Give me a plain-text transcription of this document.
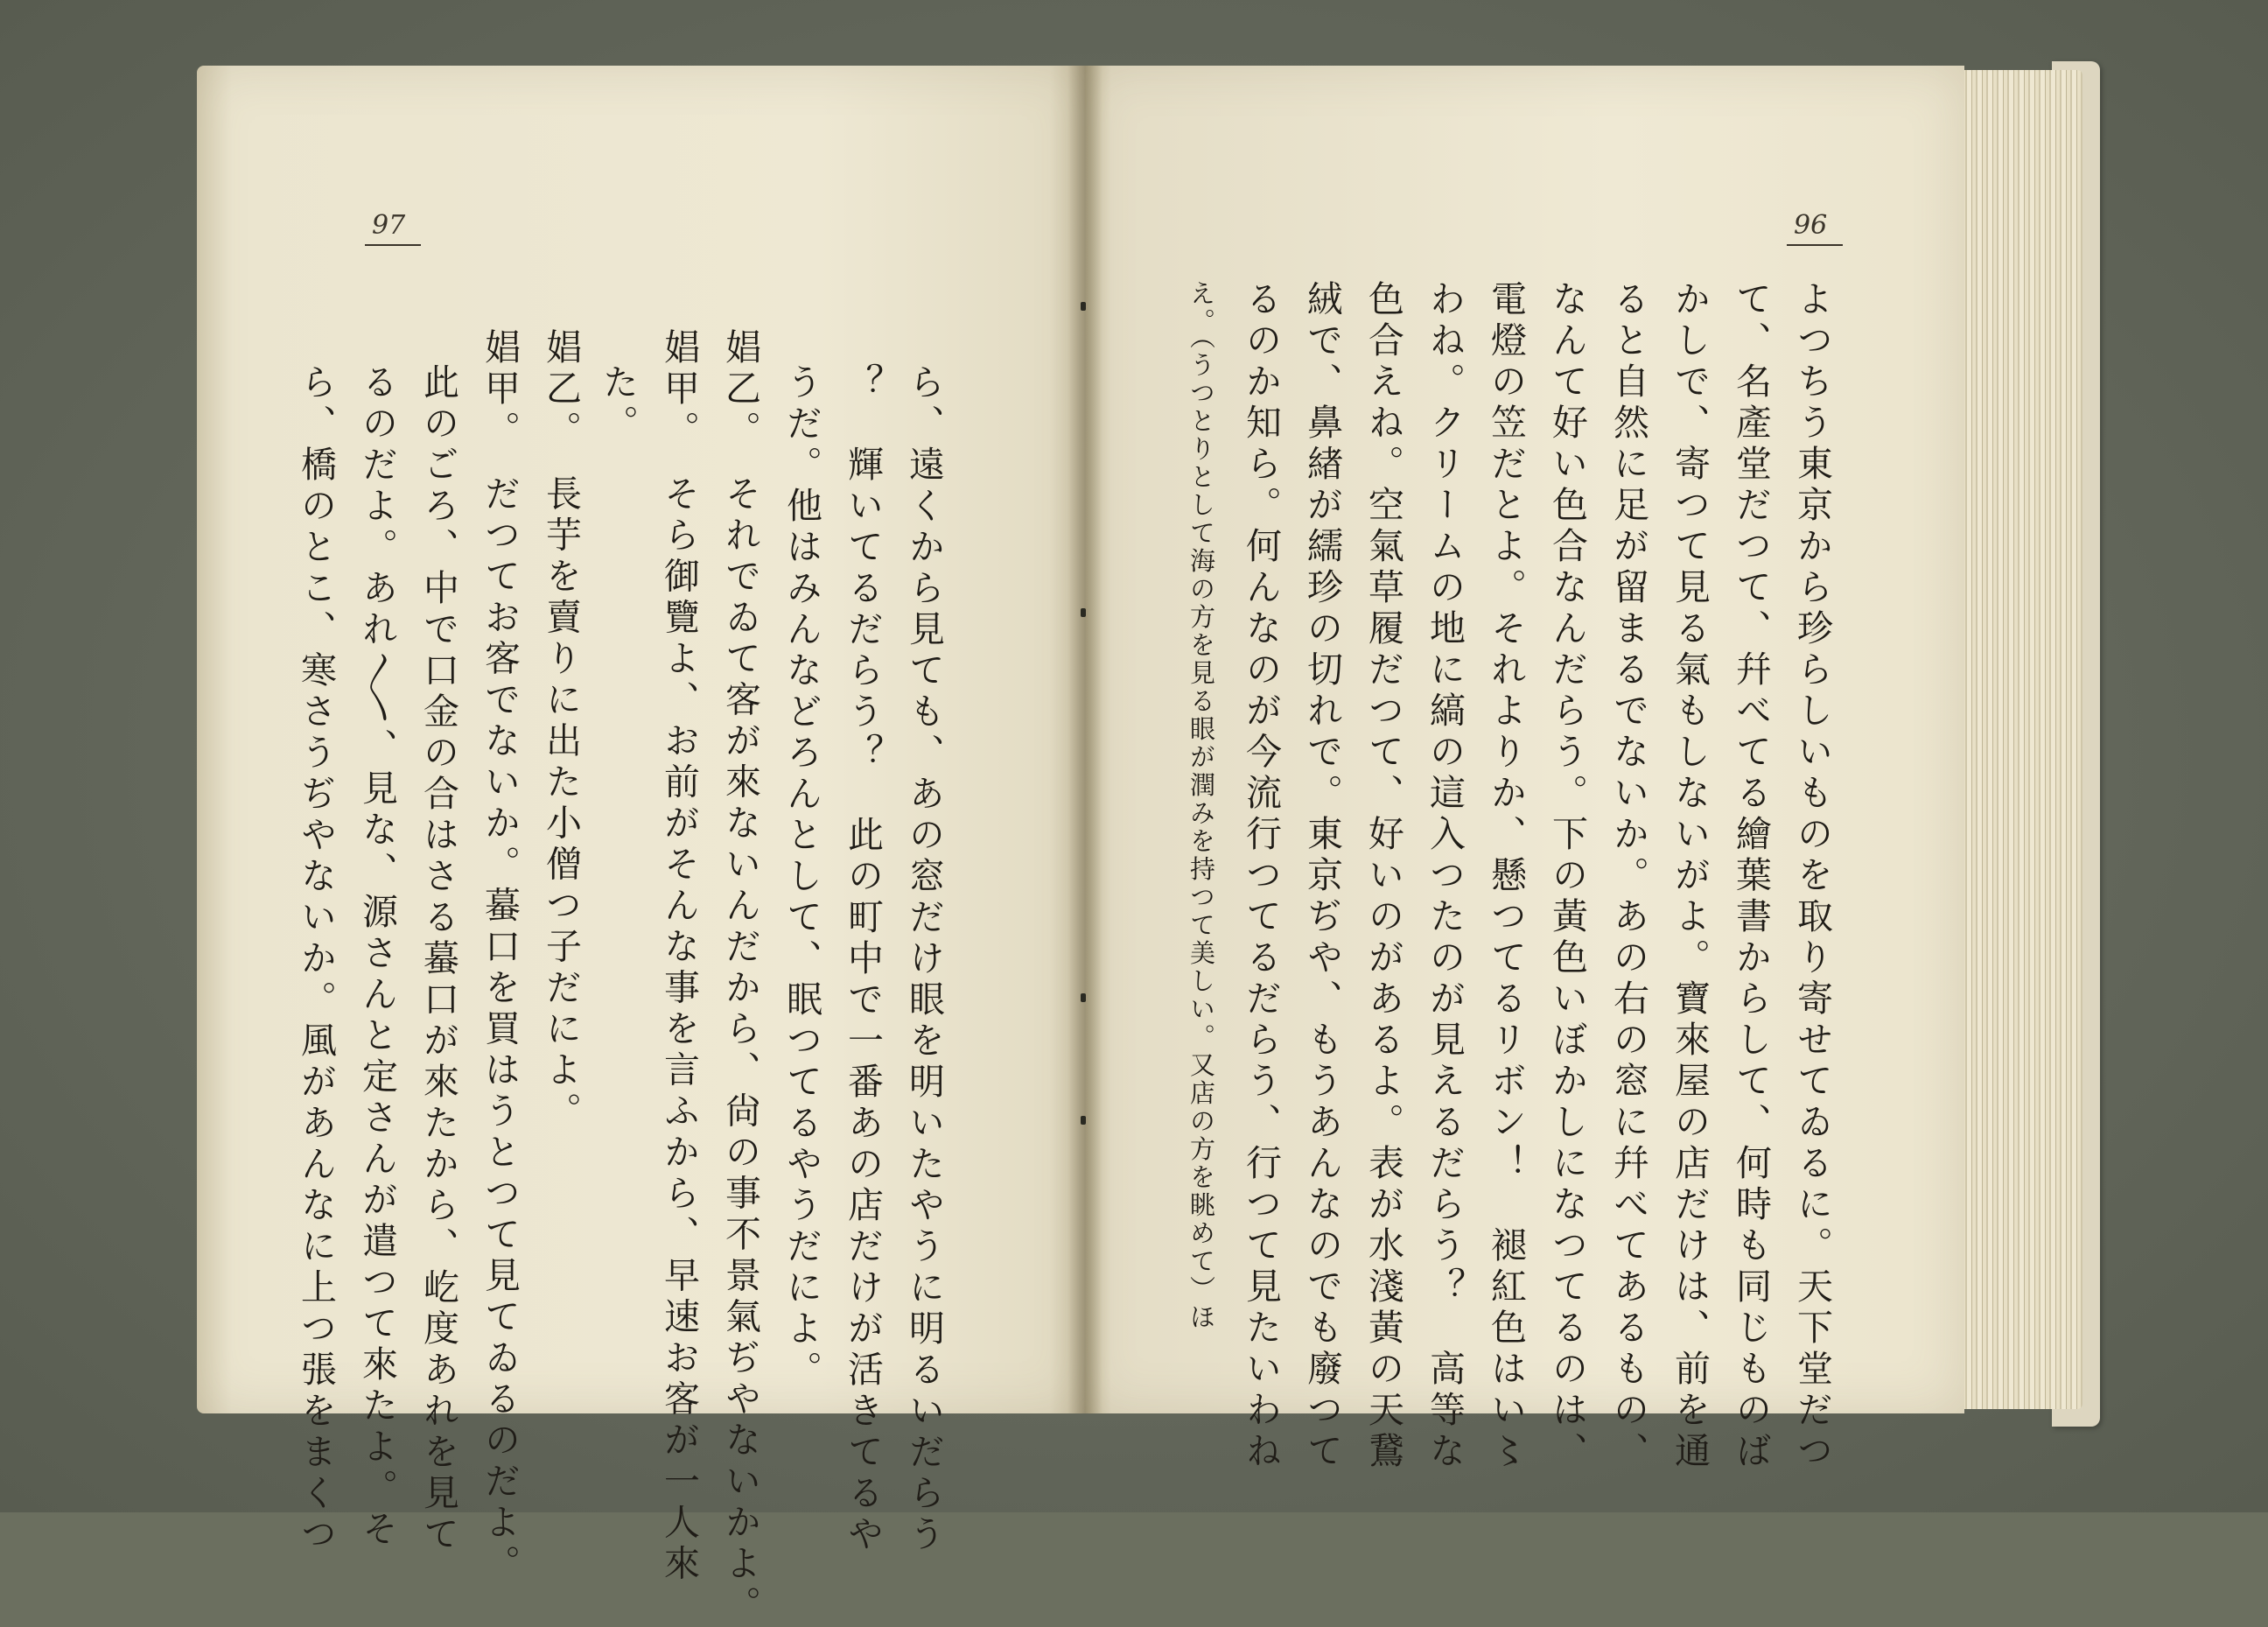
97
ら、遠くから見ても、あの窓だけ眼を明いたやうに明るいだらう
？　輝いてるだらう？　此の町中で一番あの店だけが活きてるや
うだ。他はみんなどろんとして、眠つてるやうだによ。
娼乙。　それでゐて客が來ないんだから、尙の事不景氣ぢやないかよ。
娼甲。　そら御覽よ、お前がそんな事を言ふから、早速お客が一人來
た。
娼乙。　長芋を賣りに出た小僧つ子だによ。
娼甲。　だつてお客でないか。蟇口を買はうとつて見てゐるのだよ。
此のごろ、中で口金の合はさる蟇口が來たから、屹度あれを見て
るのだよ。あれ〳〵、見な、源さんと定さんが遣つて來たよ。そ
ら、橋のとこ、寒さうぢやないか。風があんなに上つ張をまくつ
96
よつちう東京から珍らしいものを取り寄せてゐるに。天下堂だつ
て、名產堂だつて、幷べてる繪葉書からして、何時も同じものば
かしで、寄つて見る氣もしないがよ。寶來屋の店だけは、前を通
ると自然に足が留まるでないか。あの右の窓に幷べてあるもの、
なんて好い色合なんだらう。下の黃色いぼかしになつてるのは、
電燈の笠だとよ。それよりか、懸つてるリボン！　褪紅色はい〻
わね。クリームの地に縞の這入つたのが見えるだらう？　高等な
色合えね。空氣草履だつて、好いのがあるよ。表が水淺黃の天鵞
絨で、鼻緖が繻珍の切れで。東京ぢや、もうあんなのでも廢つて
るのか知ら。何んなのが今流行つてるだらう、行つて見たいわね
え。（うつとりとして海の方を見る眼が潤みを持つて美しい。又店の方を眺めて）ほ
